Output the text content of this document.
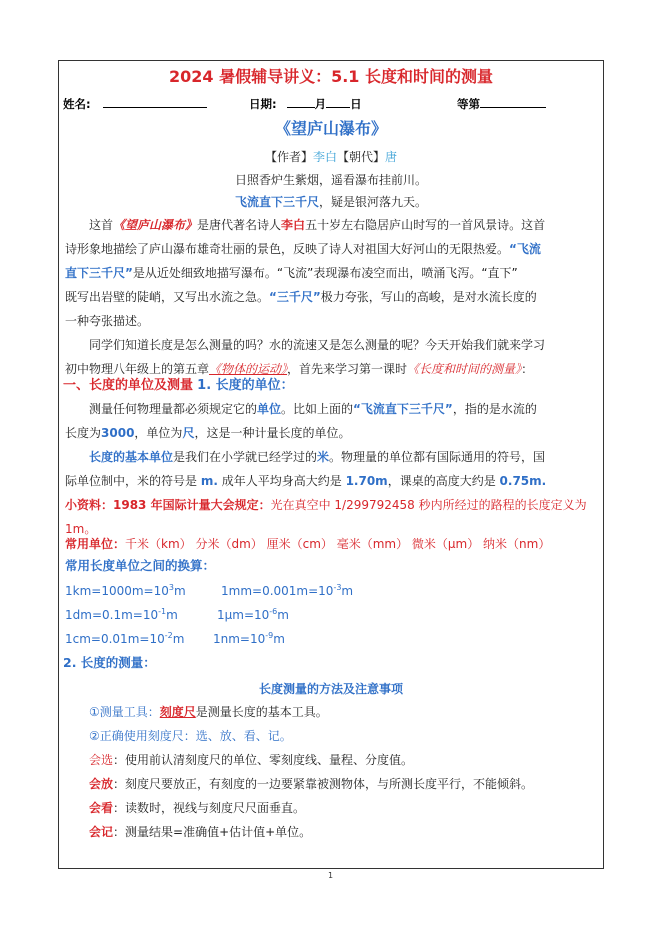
2024 暑假辅导讲义：5.1 长度和时间的测量
姓名:	日期:	月 日	等第
《望庐山瀑布》
【作者】李白【朝代】唐
日照香炉生紫烟，遥看瀑布挂前川。
飞流直下三千尺，疑是银河落九天。
这首《望庐山瀑布》是唐代著名诗人李白五十岁左右隐居庐山时写的一首风景诗。这首
诗形象地描绘了庐山瀑布雄奇壮丽的景色，反映了诗人对祖国大好河山的无限热爱。“飞流
直下三千尺”是从近处细致地描写瀑布。“飞流”表现瀑布凌空而出，喷涌飞泻。“直下”
既写出岩壁的陡峭，又写出水流之急。“三千尺”极力夸张，写山的高峻，是对水流长度的
一种夸张描述。
同学们知道长度是怎么测量的吗？水的流速又是怎么测量的呢？今天开始我们就来学习
初中物理八年级上的第五章《物体的运动》，首先来学习第一课时《长度和时间的测量》：
一、长度的单位及测量 1. 长度的单位：
测量任何物理量都必须规定它的单位。比如上面的“飞流直下三千尺”，指的是水流的
长度为3000，单位为尺，这是一种计量长度的单位。
长度的基本单位是我们在小学就已经学过的米。物理量的单位都有国际通用的符号，国
际单位制中，米的符号是 m. 成年人平均身高大约是 1.70m，课桌的高度大约是 0.75m.
小资料：1983 年国际计量大会规定：光在真空中 1/299792458 秒内所经过的路程的长度定义为
1m。
常用单位：千米（km） 分米（dm） 厘米（cm） 毫米（mm） 微米（μm） 纳米（nm）
常用长度单位之间的换算：
$1km=1000m=10^3m$	$1mm=0.001m=10^{-3}m$
$1dm=0.1m=10^{-1}m$	$1\mu m=10^{-6}m$
$1cm=0.01m=10^{-2}m$ $1nm=10^{-9}m$
2. 长度的测量：
长度测量的方法及注意事项
①测量工具：刻度尺是测量长度的基本工具。
②正确使用刻度尺：选、放、看、记。
会选：使用前认清刻度尺的单位、零刻度线、量程、分度值。
会放：刻度尺要放正，有刻度的一边要紧靠被测物体，与所测长度平行，不能倾斜。
会看：读数时，视线与刻度尺尺面垂直。
会记：测量结果=准确值+估计值+单位。
1
